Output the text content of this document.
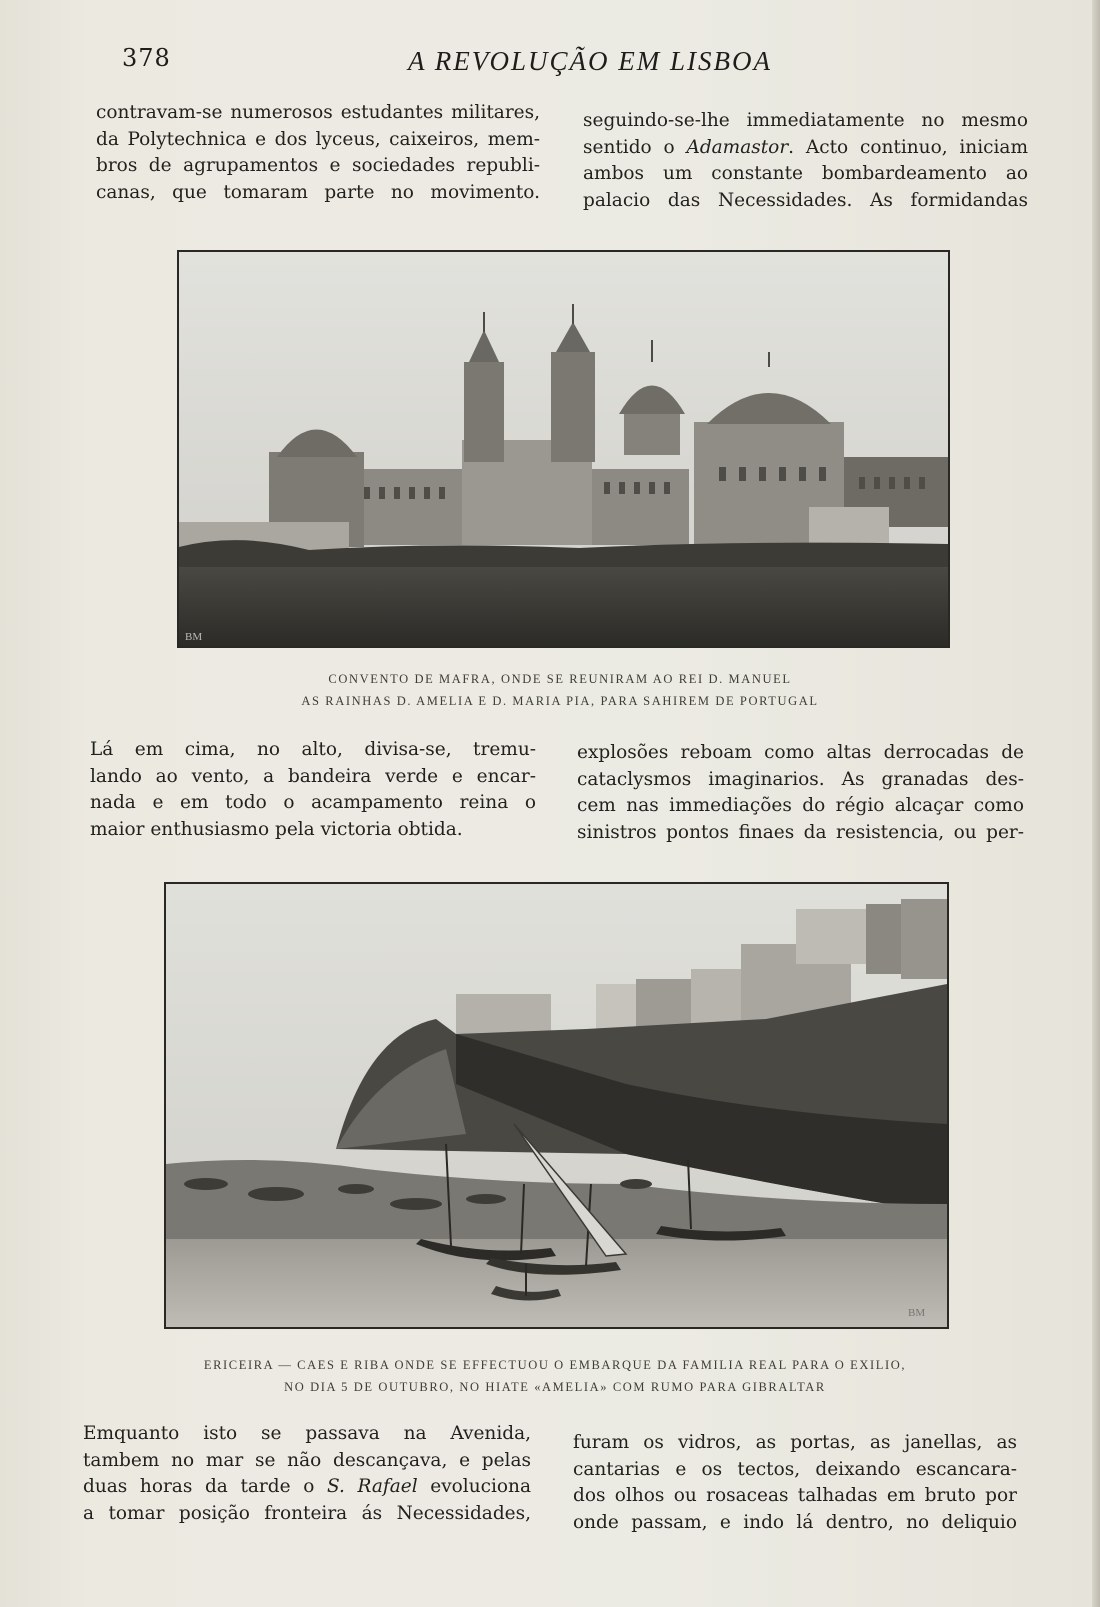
378	A REVOLUÇÃO EM LISBOA
contravam-se numerosos estudantes militares,
da Polytechnica e dos lyceus, caixeiros, mem-
bros de agrupamentos e sociedades republi-
canas, que tomaram parte no movimento.
seguindo-se-lhe immediatamente no mesmo
sentido o Adamastor. Acto continuo, iniciam
ambos um constante bombardeamento ao
palacio das Necessidades. As formidandas
BM
CONVENTO DE MAFRA, ONDE SE REUNIRAM AO REI D. MANUEL
AS RAINHAS D. AMELIA E D. MARIA PIA, PARA SAHIREM DE PORTUGAL
Lá em cima, no alto, divisa-se, tremu-
lando ao vento, a bandeira verde e encar-
nada e em todo o acampamento reina o
maior enthusiasmo pela victoria obtida.
explosões reboam como altas derrocadas de
cataclysmos imaginarios. As granadas des-
cem nas immediações do régio alcaçar como
sinistros pontos finaes da resistencia, ou per-
BM
ERICEIRA — CAES E RIBA ONDE SE EFFECTUOU O EMBARQUE DA FAMILIA REAL PARA O EXILIO,
NO DIA 5 DE OUTUBRO, NO HIATE «AMELIA» COM RUMO PARA GIBRALTAR
Emquanto isto se passava na Avenida,
tambem no mar se não descançava, e pelas
duas horas da tarde o S. Rafael evoluciona
a tomar posição fronteira ás Necessidades,
furam os vidros, as portas, as janellas, as
cantarias e os tectos, deixando escancara-
dos olhos ou rosaceas talhadas em bruto por
onde passam, e indo lá dentro, no deliquio
